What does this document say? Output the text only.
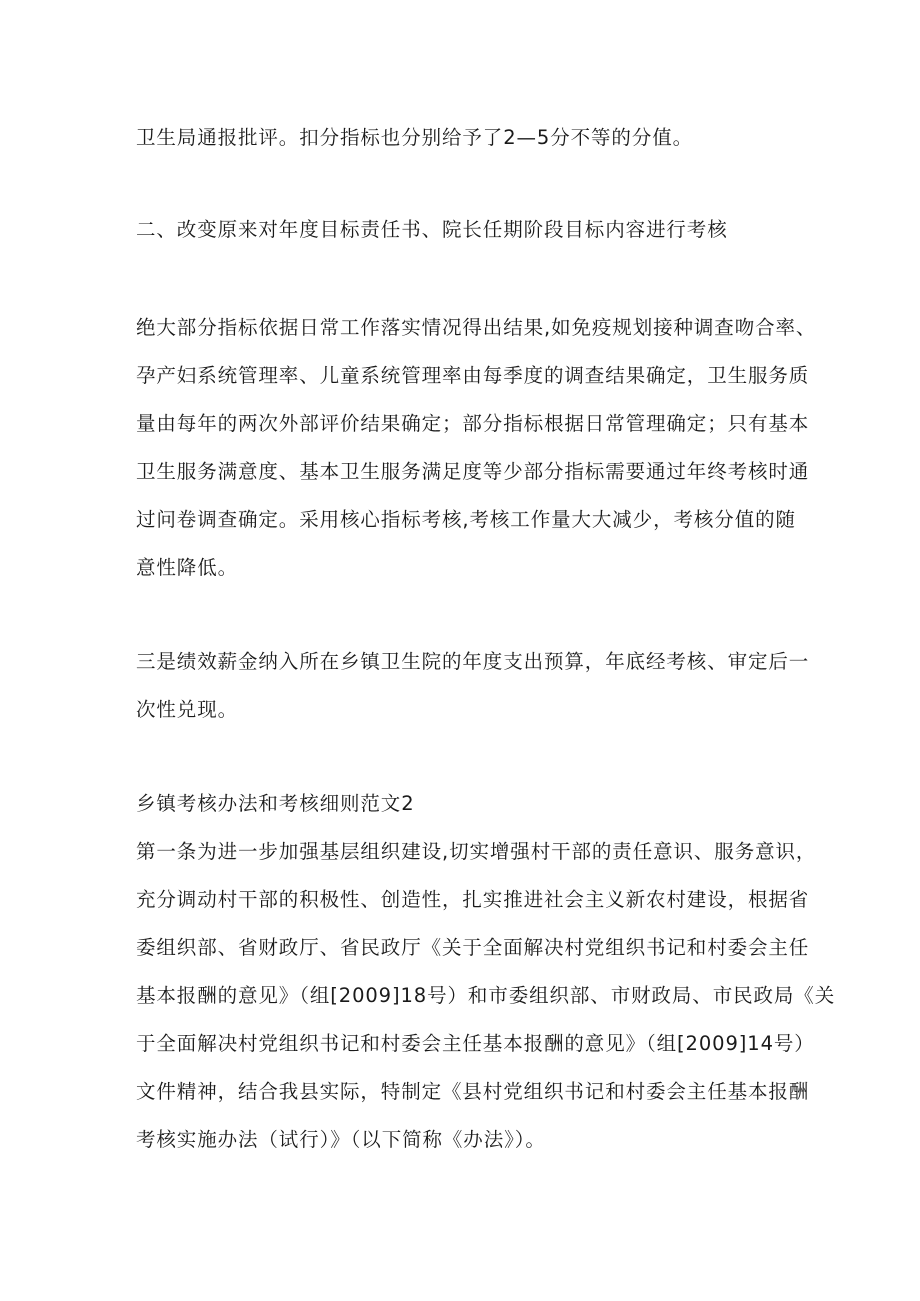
卫生局通报批评。扣分指标也分别给予了2—5分不等的分值。
二、改变原来对年度目标责任书、院长任期阶段目标内容进行考核
绝大部分指标依据日常工作落实情况得出结果,如免疫规划接种调查吻合率、
孕产妇系统管理率、儿童系统管理率由每季度的调查结果确定，卫生服务质
量由每年的两次外部评价结果确定；部分指标根据日常管理确定；只有基本
卫生服务满意度、基本卫生服务满足度等少部分指标需要通过年终考核时通
过问卷调查确定。采用核心指标考核,考核工作量大大减少，考核分值的随
意性降低。
三是绩效薪金纳入所在乡镇卫生院的年度支出预算，年底经考核、审定后一
次性兑现。
乡镇考核办法和考核细则范文2
第一条为进一步加强基层组织建设,切实增强村干部的责任意识、服务意识，
充分调动村干部的积极性、创造性，扎实推进社会主义新农村建设，根据省
委组织部、省财政厅、省民政厅《关于全面解决村党组织书记和村委会主任
基本报酬的意见》（组[2009]18号）和市委组织部、市财政局、市民政局《关
于全面解决村党组织书记和村委会主任基本报酬的意见》（组[2009]14号）
文件精神，结合我县实际，特制定《县村党组织书记和村委会主任基本报酬
考核实施办法（试行）》（以下简称《办法》）。
